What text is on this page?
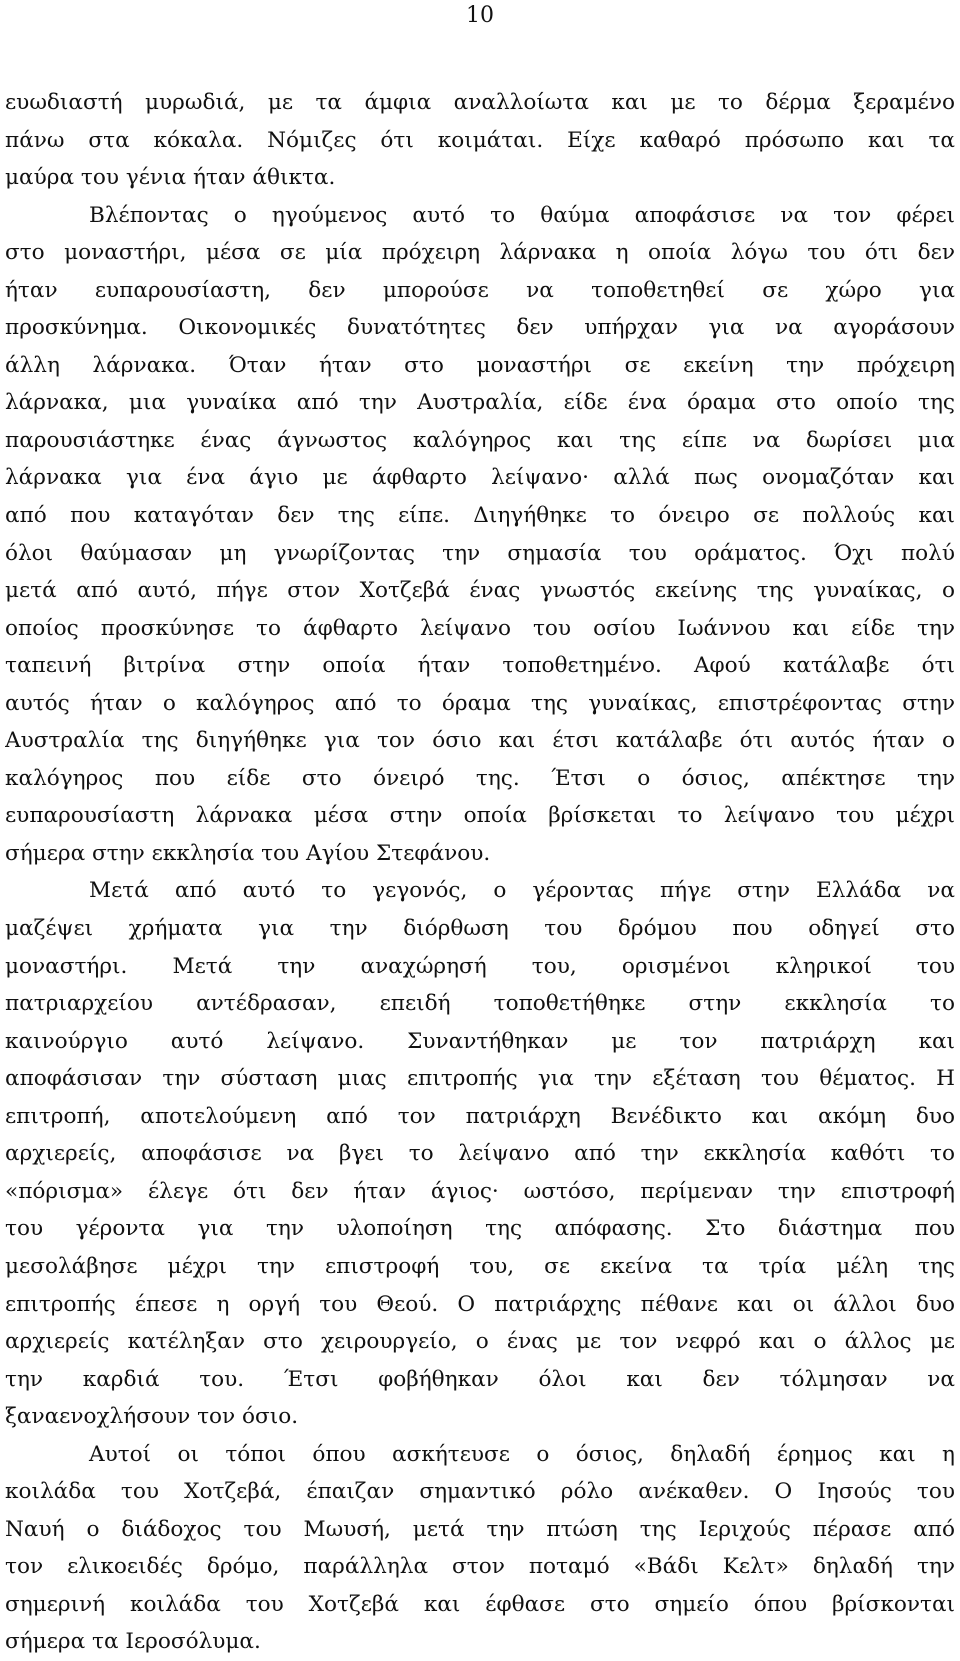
10
ευωδιαστή μυρωδιά, με τα άμφια αναλλοίωτα και με το δέρμα ξεραμένο
πάνω στα κόκαλα. Νόμιζες ότι κοιμάται. Είχε καθαρό πρόσωπο και τα
μαύρα του γένια ήταν άθικτα.
Βλέποντας ο ηγούμενος αυτό το θαύμα αποφάσισε να τον φέρει
στο μοναστήρι, μέσα σε μία πρόχειρη λάρνακα η οποία λόγω του ότι δεν
ήταν ευπαρουσίαστη, δεν μπορούσε να τοποθετηθεί σε χώρο για
προσκύνημα. Οικονομικές δυνατότητες δεν υπήρχαν για να αγοράσουν
άλλη λάρνακα. Όταν ήταν στο μοναστήρι σε εκείνη την πρόχειρη
λάρνακα, μια γυναίκα από την Αυστραλία, είδε ένα όραμα στο οποίο της
παρουσιάστηκε ένας άγνωστος καλόγηρος και της είπε να δωρίσει μια
λάρνακα για ένα άγιο με άφθαρτο λείψανο· αλλά πως ονομαζόταν και
από που καταγόταν δεν της είπε. Διηγήθηκε το όνειρο σε πολλούς και
όλοι θαύμασαν μη γνωρίζοντας την σημασία του οράματος. Όχι πολύ
μετά από αυτό, πήγε στον Χοτζεβά ένας γνωστός εκείνης της γυναίκας, ο
οποίος προσκύνησε το άφθαρτο λείψανο του οσίου Ιωάννου και είδε την
ταπεινή βιτρίνα στην οποία ήταν τοποθετημένο. Αφού κατάλαβε ότι
αυτός ήταν ο καλόγηρος από το όραμα της γυναίκας, επιστρέφοντας στην
Αυστραλία της διηγήθηκε για τον όσιο και έτσι κατάλαβε ότι αυτός ήταν ο
καλόγηρος που είδε στο όνειρό της. Έτσι ο όσιος, απέκτησε την
ευπαρουσίαστη λάρνακα μέσα στην οποία βρίσκεται το λείψανο του μέχρι
σήμερα στην εκκλησία του Αγίου Στεφάνου.
Μετά από αυτό το γεγονός, ο γέροντας πήγε στην Ελλάδα να
μαζέψει χρήματα για την διόρθωση του δρόμου που οδηγεί στο
μοναστήρι. Μετά την αναχώρησή του, ορισμένοι κληρικοί του
πατριαρχείου αντέδρασαν, επειδή τοποθετήθηκε στην εκκλησία το
καινούργιο αυτό λείψανο. Συναντήθηκαν με τον πατριάρχη και
αποφάσισαν την σύσταση μιας επιτροπής για την εξέταση του θέματος. Η
επιτροπή, αποτελούμενη από τον πατριάρχη Βενέδικτο και ακόμη δυο
αρχιερείς, αποφάσισε να βγει το λείψανο από την εκκλησία καθότι το
«πόρισμα» έλεγε ότι δεν ήταν άγιος· ωστόσο, περίμεναν την επιστροφή
του γέροντα για την υλοποίηση της απόφασης. Στο διάστημα που
μεσολάβησε μέχρι την επιστροφή του, σε εκείνα τα τρία μέλη της
επιτροπής έπεσε η οργή του Θεού. Ο πατριάρχης πέθανε και οι άλλοι δυο
αρχιερείς κατέληξαν στο χειρουργείο, ο ένας με τον νεφρό και ο άλλος με
την καρδιά του. Έτσι φοβήθηκαν όλοι και δεν τόλμησαν να
ξαναενοχλήσουν τον όσιο.
Αυτοί οι τόποι όπου ασκήτευσε ο όσιος, δηλαδή έρημος και η
κοιλάδα του Χοτζεβά, έπαιζαν σημαντικό ρόλο ανέκαθεν. Ο Ιησούς του
Ναυή ο διάδοχος του Μωυσή, μετά την πτώση της Ιεριχούς πέρασε από
τον ελικοειδές δρόμο, παράλληλα στον ποταμό «Βάδι Κελτ» δηλαδή την
σημερινή κοιλάδα του Χοτζεβά και έφθασε στο σημείο όπου βρίσκονται
σήμερα τα Ιεροσόλυμα.
